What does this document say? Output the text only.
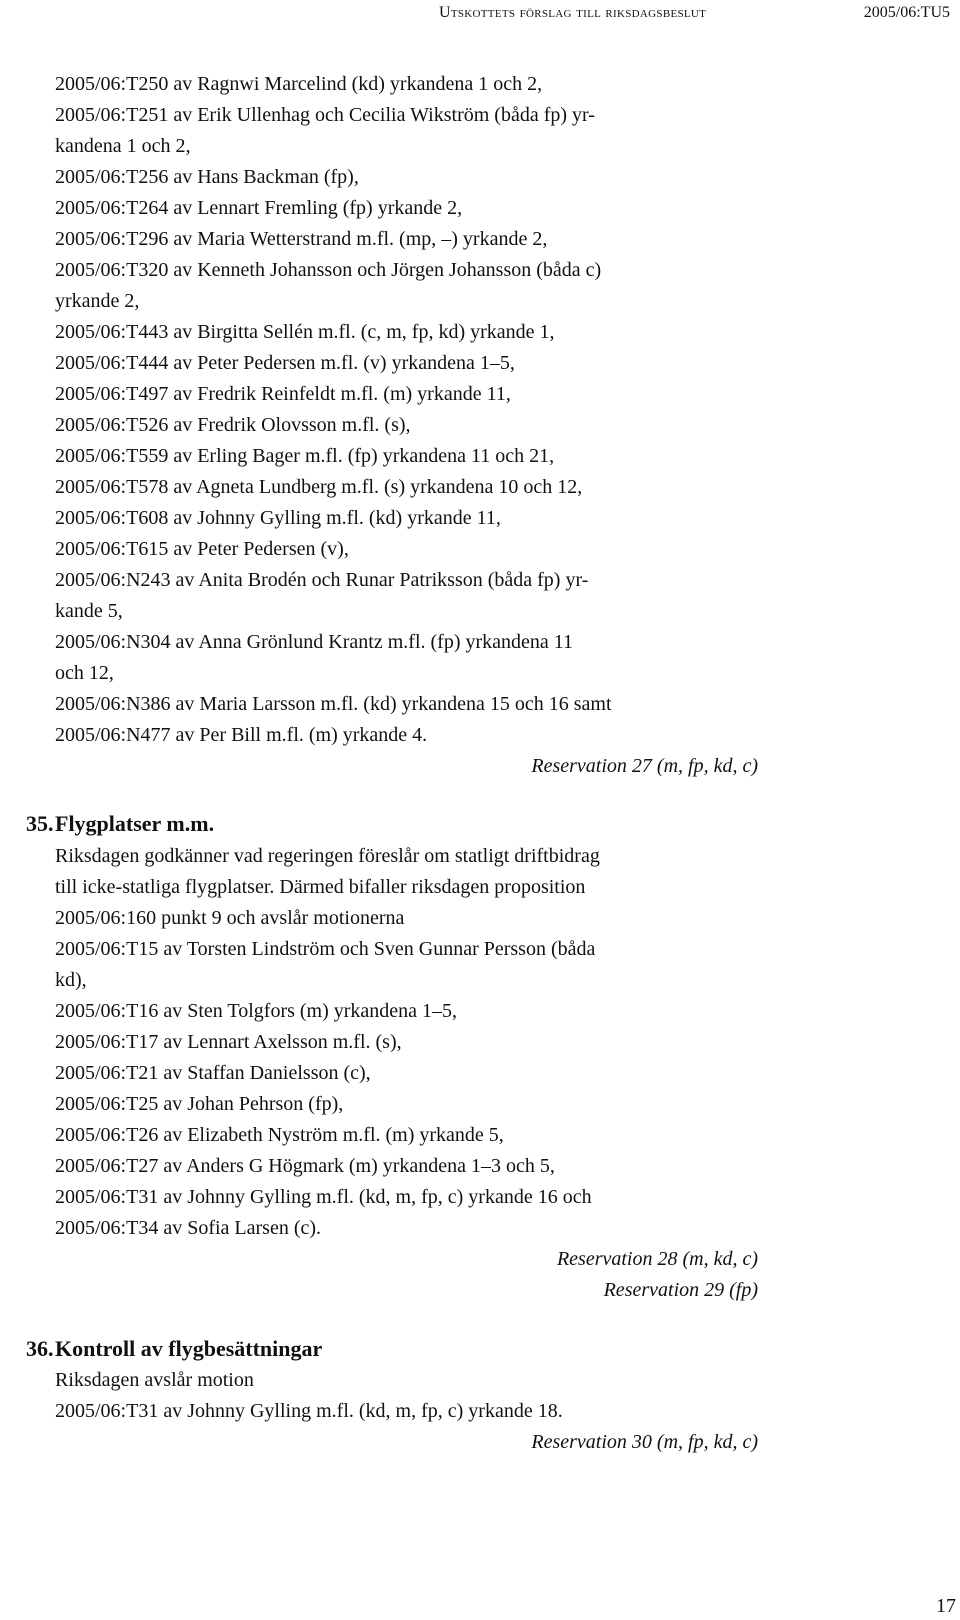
Utskottets förslag till riksdagsbeslut	2005/06:TU5
2005/06:T250 av Ragnwi Marcelind (kd) yrkandena 1 och 2,
2005/06:T251 av Erik Ullenhag och Cecilia Wikström (båda fp) yr-
kandena 1 och 2,
2005/06:T256 av Hans Backman (fp),
2005/06:T264 av Lennart Fremling (fp) yrkande 2,
2005/06:T296 av Maria Wetterstrand m.fl. (mp, –) yrkande 2,
2005/06:T320 av Kenneth Johansson och Jörgen Johansson (båda c)
yrkande 2,
2005/06:T443 av Birgitta Sellén m.fl. (c, m, fp, kd) yrkande 1,
2005/06:T444 av Peter Pedersen m.fl. (v) yrkandena 1–5,
2005/06:T497 av Fredrik Reinfeldt m.fl. (m) yrkande 11,
2005/06:T526 av Fredrik Olovsson m.fl. (s),
2005/06:T559 av Erling Bager m.fl. (fp) yrkandena 11 och 21,
2005/06:T578 av Agneta Lundberg m.fl. (s) yrkandena 10 och 12,
2005/06:T608 av Johnny Gylling m.fl. (kd) yrkande 11,
2005/06:T615 av Peter Pedersen (v),
2005/06:N243 av Anita Brodén och Runar Patriksson (båda fp) yr-
kande 5,
2005/06:N304 av Anna Grönlund Krantz m.fl. (fp) yrkandena 11
och 12,
2005/06:N386 av Maria Larsson m.fl. (kd) yrkandena 15 och 16 samt
2005/06:N477 av Per Bill m.fl. (m) yrkande 4.
Reservation 27 (m, fp, kd, c)
35. Flygplatser m.m.
Riksdagen godkänner vad regeringen föreslår om statligt driftbidrag
till icke-statliga flygplatser. Därmed bifaller riksdagen proposition
2005/06:160 punkt 9 och avslår motionerna
2005/06:T15 av Torsten Lindström och Sven Gunnar Persson (båda
kd),
2005/06:T16 av Sten Tolgfors (m) yrkandena 1–5,
2005/06:T17 av Lennart Axelsson m.fl. (s),
2005/06:T21 av Staffan Danielsson (c),
2005/06:T25 av Johan Pehrson (fp),
2005/06:T26 av Elizabeth Nyström m.fl. (m) yrkande 5,
2005/06:T27 av Anders G Högmark (m) yrkandena 1–3 och 5,
2005/06:T31 av Johnny Gylling m.fl. (kd, m, fp, c) yrkande 16 och
2005/06:T34 av Sofia Larsen (c).
Reservation 28 (m, kd, c)
Reservation 29 (fp)
36. Kontroll av flygbesättningar
Riksdagen avslår motion
2005/06:T31 av Johnny Gylling m.fl. (kd, m, fp, c) yrkande 18.
Reservation 30 (m, fp, kd, c)
17
